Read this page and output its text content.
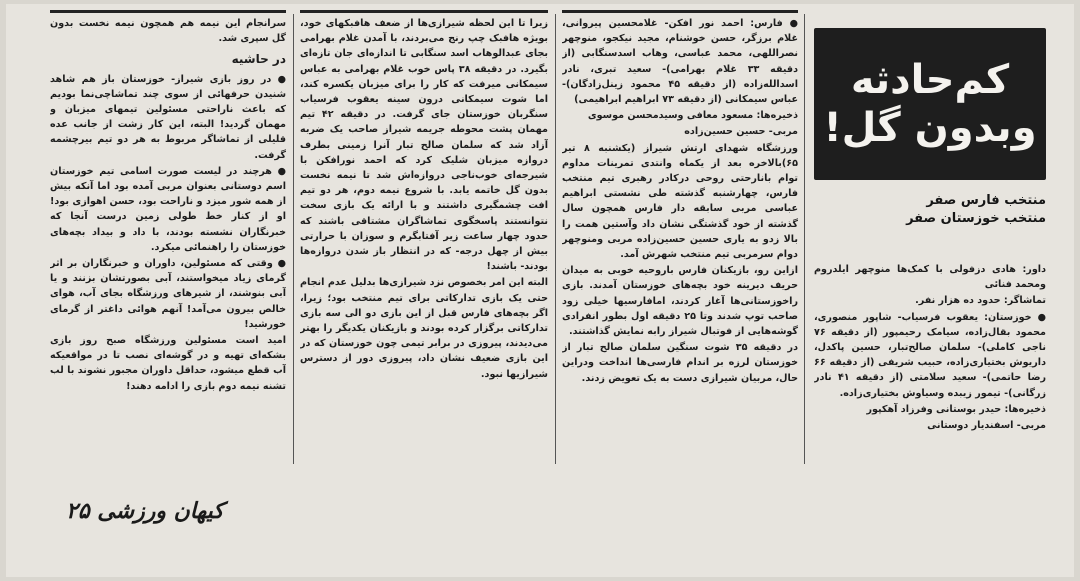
کم‌حادثه
وبدون گل!
منتخب فارس صفر
منتخب خوزستان صفر

داور: هادی دزفولی با کمک‌ها منوچهر ایلدروم ومحمد فنائی

تماشاگر: حدود ده هزار نفر.

● خوزستان: یعقوب فرسیاب- شاپور منصوری، محمود بقال‌زاده، سیامک رحیمپور (از دقیقه ۷۶ ناجی کاملی)- سلمان صالح‌تبار، حسین پاکدل، داریوش بختیاری‌زاده، حبیب شریفی (از دقیقه ۶۶ رضا حاتمی)- سعید سلامتی (از دقیقه ۴۱ نادر زرگانی)- تیمور زیبده وسیاوش بختیاری‌زاده.

ذخیره‌ها: حیدر بوستانی وفرزاد آهکپور

مربی- اسفندیار دوستانی

● فارس: احمد نور افکن- غلامحسین پیروانی، غلام برزگر، حسن خوشنام، مجید نیکجو، منوچهر نصراللهی، محمد عباسی، وهاب اسدسنگابی (از دقیقه ۳۳ غلام بهرامی)- سعید تبری، نادر اسدالله‌زاده (از دقیقه ۴۵ محمود زینل‌زادگان)- عباس سیمکانی (از دقیقه ۷۳ ابراهیم ابراهیمی)

ذخیره‌ها: مسعود معافی وسیدمحسن موسوی

مربی- حسین حسین‌زاده

ورزشگاه شهدای ارتش شیراز (یکشنبه ۸ تیر ۶۵)بالاخره بعد از یکماه وانتدی تمرینات مداوم توام بانارحتی روحی درکادر رهبری تیم منتخب فارس، چهارشنبه گذشته طی نشستی ابراهیم عباسی مربی سابقه دار فارس همچون سال گذشته از خود گذشتگی نشان داد وآستین همت را بالا زدو به یاری حسین حسین‌زاده مربی ومنوچهر دوام سرمربی تیم منتخب شهرش آمد.

ازاین رو، بازیکنان فارس باروحیه خوبی به میدان حریف دیرینه خود بچه‌های خوزستان آمدند. بازی راخوزستانی‌ها آغاز کردند، امافارسیها خیلی زود صاحب توپ شدند وتا ۲۵ دقیقه اول بطور انفرادی گوشه‌هایی از فوتبال شیراز رابه نمایش گذاشتند.

در دقیقه ۳۵ شوت سنگین سلمان صالح تبار از خوزستان لرزه بر اندام فارسی‌ها انداخت ودراین حال، مربیان شیرازی دست به یک تعویض زدند.

زیرا تا این لحظه شیرازی‌ها از ضعف هافبکهای خود، بویژه هافبک چپ رنج می‌بردند، با آمدن غلام بهرامی بجای عبدالوهاب اسد سنگابی تا اندازه‌ای جان تازه‌ای بگیرد. در دقیقه ۳۸ پاس خوب غلام بهرامی به عباس سیمکانی میرفت که کار را برای میزبان یکسره کند، اما شوت سیمکانی درون سینه یعقوب فرسیاب سنگربان خوزستان جای گرفت. در دقیقه ۴۲ تیم مهمان پشت محوطه جریمه شیراز صاحب یک ضربه آزاد شد که سلمان صالح تبار آنرا زمینی بطرف دروازه میزبان شلیک کرد که احمد نورافکن با شیرجه‌ای خوب‌ناجی دروازه‌اش شد تا نیمه نخست بدون گل خاتمه یابد. با شروع نیمه دوم، هر دو تیم افت چشمگیری داشتند و با ارائه یک بازی سخت نتوانستند پاسخگوی تماشاگران مشتاقی باشند که حدود چهار ساعت زیر آفتابگرم و سوزان با حرارتی بیش از چهل درجه- که در انتظار باز شدن دروازه‌ها بودند- باشند!

البته این امر بخصوص نزد شیرازی‌ها بدلیل عدم انجام حتی یک بازی تدارکاتی برای تیم منتخب بود؛ زیرا، اگر بچه‌های فارس قبل از این بازی دو الی سه بازی تدارکاتی برگزار کرده بودند و بازیکنان یکدیگر را بهتر می‌دیدند، پیروزی در برابر تیمی چون خوزستان که در این بازی ضعیف نشان داد، پیروزی دور از دسترس شیرازیها نبود.

سرانجام این نیمه هم همچون نیمه نخست بدون گل سپری شد.

در حاشیه

● در روز بازی شیراز- خوزستان باز هم شاهد شنیدن حرفهائی از سوی چند تماشاچی‌نما بودیم که باعث ناراحتی مسئولین تیمهای میزبان و مهمان گردید! البته، این کار زشت از جانب عده قلیلی از تماشاگر مربوط به هر دو تیم بیرچشمه گرفت.

● هرچند در لیست صورت اسامی تیم خوزستان اسم دوستانی بعنوان مربی آمده بود اما آنکه بیش از همه شور میزد و ناراحت بود، حسن اهوازی بود! او از کنار خط طولی زمین درست آنجا که خبرنگاران نشسته بودند، با داد و بیداد بچه‌های خوزستان را راهنمائی میکرد.

● وقتی که مسئولین، داوران و خبرنگاران بر اثر گرمای زیاد میخواستند، آبی بصورتشان بزنند و یا آبی بنوشند، از شیرهای ورزشگاه بجای آب، هوای خالص بیرون می‌آمد! آنهم هوائی داغتر از گرمای خورشید!

امید است مسئولین ورزشگاه صبح روز بازی بشکه‌ای تهیه و در گوشه‌ای نصب تا در مواقعیکه آب قطع میشود، حداقل داوران مجبور نشوند با لب تشنه نیمه دوم بازی را ادامه دهند!

کیهان ورزشی ۲۵
